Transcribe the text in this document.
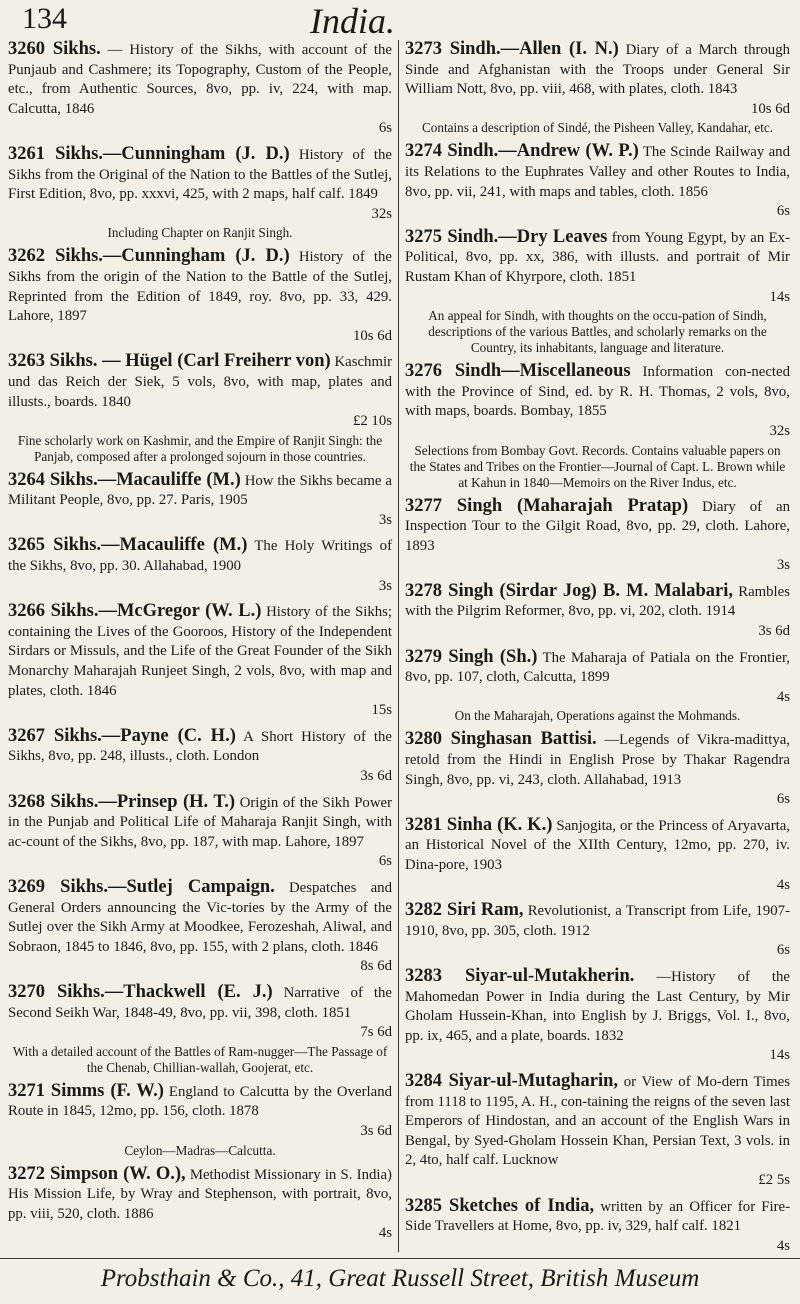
134	India.
3260 Sikhs. — History of the Sikhs, with account of the Punjaub and Cashmere; its Topography, Custom of the People, etc., from Authentic Sources, 8vo, pp. iv, 224, with map. Calcutta, 1846
6s
3261 Sikhs.—Cunningham (J. D.) History of the Sikhs from the Original of the Nation to the Battles of the Sutlej, First Edition, 8vo, pp. xxxvi, 425, with 2 maps, half calf. 1849
32s
Including Chapter on Ranjit Singh.
3262 Sikhs.—Cunningham (J. D.) History of the Sikhs from the origin of the Nation to the Battle of the Sutlej, Reprinted from the Edition of 1849, roy. 8vo, pp. 33, 429. Lahore, 1897
10s 6d
3263 Sikhs. — Hügel (Carl Freiherr von) Kaschmir und das Reich der Siek, 5 vols, 8vo, with map, plates and illusts., boards. 1840
£2 10s
Fine scholarly work on Kashmir, and the Empire of Ranjit Singh: the Panjab, composed after a prolonged sojourn in those countries.
3264 Sikhs.—Macauliffe (M.) How the Sikhs became a Militant People, 8vo, pp. 27. Paris, 1905
3s
3265 Sikhs.—Macauliffe (M.) The Holy Writings of the Sikhs, 8vo, pp. 30. Allahabad, 1900
3s
3266 Sikhs.—McGregor (W. L.) History of the Sikhs; containing the Lives of the Gooroos, History of the Independent Sirdars or Missuls, and the Life of the Great Founder of the Sikh Monarchy Maharajah Runjeet Singh, 2 vols, 8vo, with map and plates, cloth. 1846
15s
3267 Sikhs.—Payne (C. H.) A Short History of the Sikhs, 8vo, pp. 248, illusts., cloth. London
3s 6d
3268 Sikhs.—Prinsep (H. T.) Origin of the Sikh Power in the Punjab and Political Life of Maharaja Ranjit Singh, with ac-count of the Sikhs, 8vo, pp. 187, with map. Lahore, 1897
6s
3269 Sikhs.—Sutlej Campaign. Despatches and General Orders announcing the Vic-tories by the Army of the Sutlej over the Sikh Army at Moodkee, Ferozeshah, Aliwal, and Sobraon, 1845 to 1846, 8vo, pp. 155, with 2 plans, cloth. 1846
8s 6d
3270 Sikhs.—Thackwell (E. J.) Narrative of the Second Seikh War, 1848-49, 8vo, pp. vii, 398, cloth. 1851
7s 6d
With a detailed account of the Battles of Ram-nugger—The Passage of the Chenab, Chillian-wallah, Goojerat, etc.
3271 Simms (F. W.) England to Calcutta by the Overland Route in 1845, 12mo, pp. 156, cloth. 1878
3s 6d
Ceylon—Madras—Calcutta.
3272 Simpson (W. O.), Methodist Missionary in S. India) His Mission Life, by Wray and Stephenson, with portrait, 8vo, pp. viii, 520, cloth. 1886
4s
3273 Sindh.—Allen (I. N.) Diary of a March through Sinde and Afghanistan with the Troops under General Sir William Nott, 8vo, pp. viii, 468, with plates, cloth. 1843
10s 6d
Contains a description of Sindé, the Pisheen Valley, Kandahar, etc.
3274 Sindh.—Andrew (W. P.) The Scinde Railway and its Relations to the Euphrates Valley and other Routes to India, 8vo, pp. vii, 241, with maps and tables, cloth. 1856
6s
3275 Sindh.—Dry Leaves from Young Egypt, by an Ex-Political, 8vo, pp. xx, 386, with illusts. and portrait of Mir Rustam Khan of Khyrpore, cloth. 1851
14s
An appeal for Sindh, with thoughts on the occu-pation of Sindh, descriptions of the various Battles, and scholarly remarks on the Country, its inhabitants, language and literature.
3276 Sindh—Miscellaneous Information con-nected with the Province of Sind, ed. by R. H. Thomas, 2 vols, 8vo, with maps, boards. Bombay, 1855
32s
Selections from Bombay Govt. Records. Contains valuable papers on the States and Tribes on the Frontier—Journal of Capt. L. Brown while at Kahun in 1840—Memoirs on the River Indus, etc.
3277 Singh (Maharajah Pratap) Diary of an Inspection Tour to the Gilgit Road, 8vo, pp. 29, cloth. Lahore, 1893
3s
3278 Singh (Sirdar Jog) B. M. Malabari, Rambles with the Pilgrim Reformer, 8vo, pp. vi, 202, cloth. 1914
3s 6d
3279 Singh (Sh.) The Maharaja of Patiala on the Frontier, 8vo, pp. 107, cloth, Calcutta, 1899
4s
On the Maharajah, Operations against the Mohmands.
3280 Singhasan Battisi. —Legends of Vikra-madittya, retold from the Hindi in English Prose by Thakar Ragendra Singh, 8vo, pp. vi, 243, cloth. Allahabad, 1913
6s
3281 Sinha (K. K.) Sanjogita, or the Princess of Aryavarta, an Historical Novel of the XIIth Century, 12mo, pp. 270, iv. Dina-pore, 1903
4s
3282 Siri Ram, Revolutionist, a Transcript from Life, 1907-1910, 8vo, pp. 305, cloth. 1912
6s
3283 Siyar-ul-Mutakherin. —History of the Mahomedan Power in India during the Last Century, by Mir Gholam Hussein-Khan, into English by J. Briggs, Vol. I., 8vo, pp. ix, 465, and a plate, boards. 1832
14s
3284 Siyar-ul-Mutagharin, or View of Mo-dern Times from 1118 to 1195, A. H., con-taining the reigns of the seven last Emperors of Hindostan, and an account of the English Wars in Bengal, by Syed-Gholam Hossein Khan, Persian Text, 3 vols. in 2, 4to, half calf. Lucknow
£2 5s
3285 Sketches of India, written by an Officer for Fire-Side Travellers at Home, 8vo, pp. iv, 329, half calf. 1821
4s
Probsthain & Co., 41, Great Russell Street, British Museum
